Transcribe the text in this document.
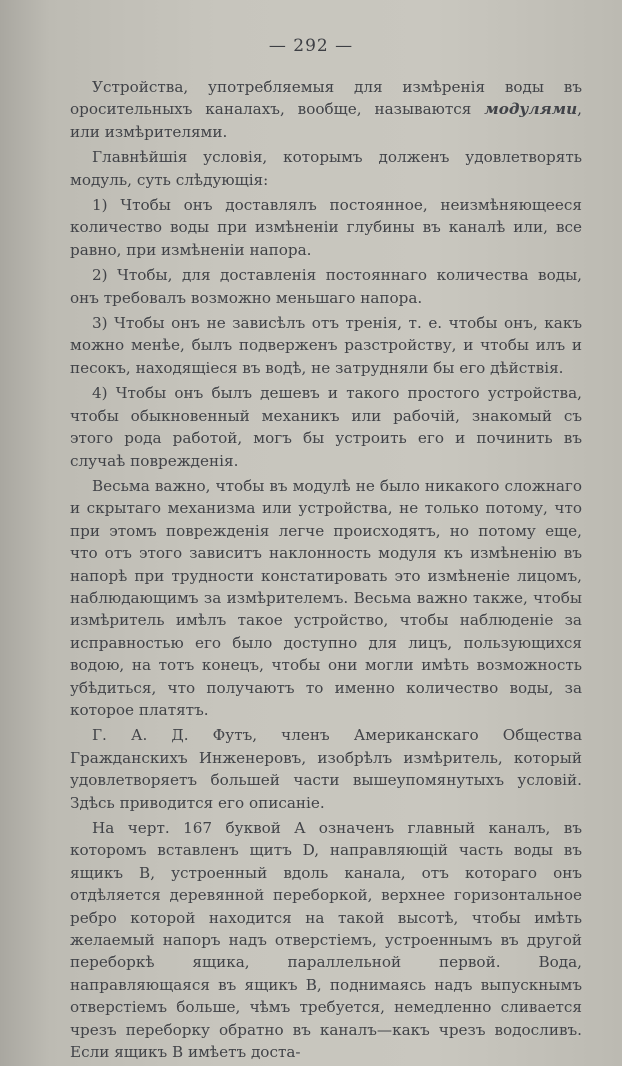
— 292 —

Устройства, употребляемыя для измѣренія воды въ оросительныхъ каналахъ, вообще, называются модулями, или измѣрителями.

Главнѣйшія условія, которымъ долженъ удовлетворять модуль, суть слѣдующія:

1) Чтобы онъ доставлялъ постоянное, неизмѣняющееся количество воды при измѣненіи глубины въ каналѣ или, все равно, при измѣненіи напора.

2) Чтобы, для доставленія постояннаго количества воды, онъ требовалъ возможно меньшаго напора.

3) Чтобы онъ не зависѣлъ отъ тренія, т. е. чтобы онъ, какъ можно менѣе, былъ подверженъ разстройству, и чтобы илъ и песокъ, находящіеся въ водѣ, не затрудняли бы его дѣйствія.

4) Чтобы онъ былъ дешевъ и такого простого устройства, чтобы обыкновенный механикъ или рабочій, знакомый съ этого рода работой, могъ бы устроить его и починить въ случаѣ поврежденія.

Весьма важно, чтобы въ модулѣ не было никакого сложнаго и скрытаго механизма или устройства, не только потому, что при этомъ поврежденія легче происходятъ, но потому еще, что отъ этого зависитъ наклонность модуля къ измѣненію въ напорѣ при трудности констатировать это измѣненіе лицомъ, наблюдающимъ за измѣрителемъ. Весьма важно также, чтобы измѣритель имѣлъ такое устройство, чтобы наблюденіе за исправностью его было доступно для лицъ, пользующихся водою, на тотъ конецъ, чтобы они могли имѣть возможность убѣдиться, что получаютъ то именно количество воды, за которое платятъ.

Г. А. Д. Футъ, членъ Американскаго Общества Гражданскихъ Инженеровъ, изобрѣлъ измѣритель, который удовлетворяетъ большей части вышеупомянутыхъ условій. Здѣсь приводится его описаніе.

На черт. 167 буквой A означенъ главный каналъ, въ которомъ вставленъ щитъ D, направляющій часть воды въ ящикъ B, устроенный вдоль канала, отъ котораго онъ отдѣляется деревянной переборкой, верхнее горизонтальное ребро которой находится на такой высотѣ, чтобы имѣть желаемый напоръ надъ отверстіемъ, устроеннымъ въ другой переборкѣ ящика, параллельной первой. Вода, направляющаяся въ ящикъ B, поднимаясь надъ выпускнымъ отверстіемъ больше, чѣмъ требуется, немедленно сливается чрезъ переборку обратно въ каналъ—какъ чрезъ водосливъ. Если ящикъ B имѣетъ доста-
